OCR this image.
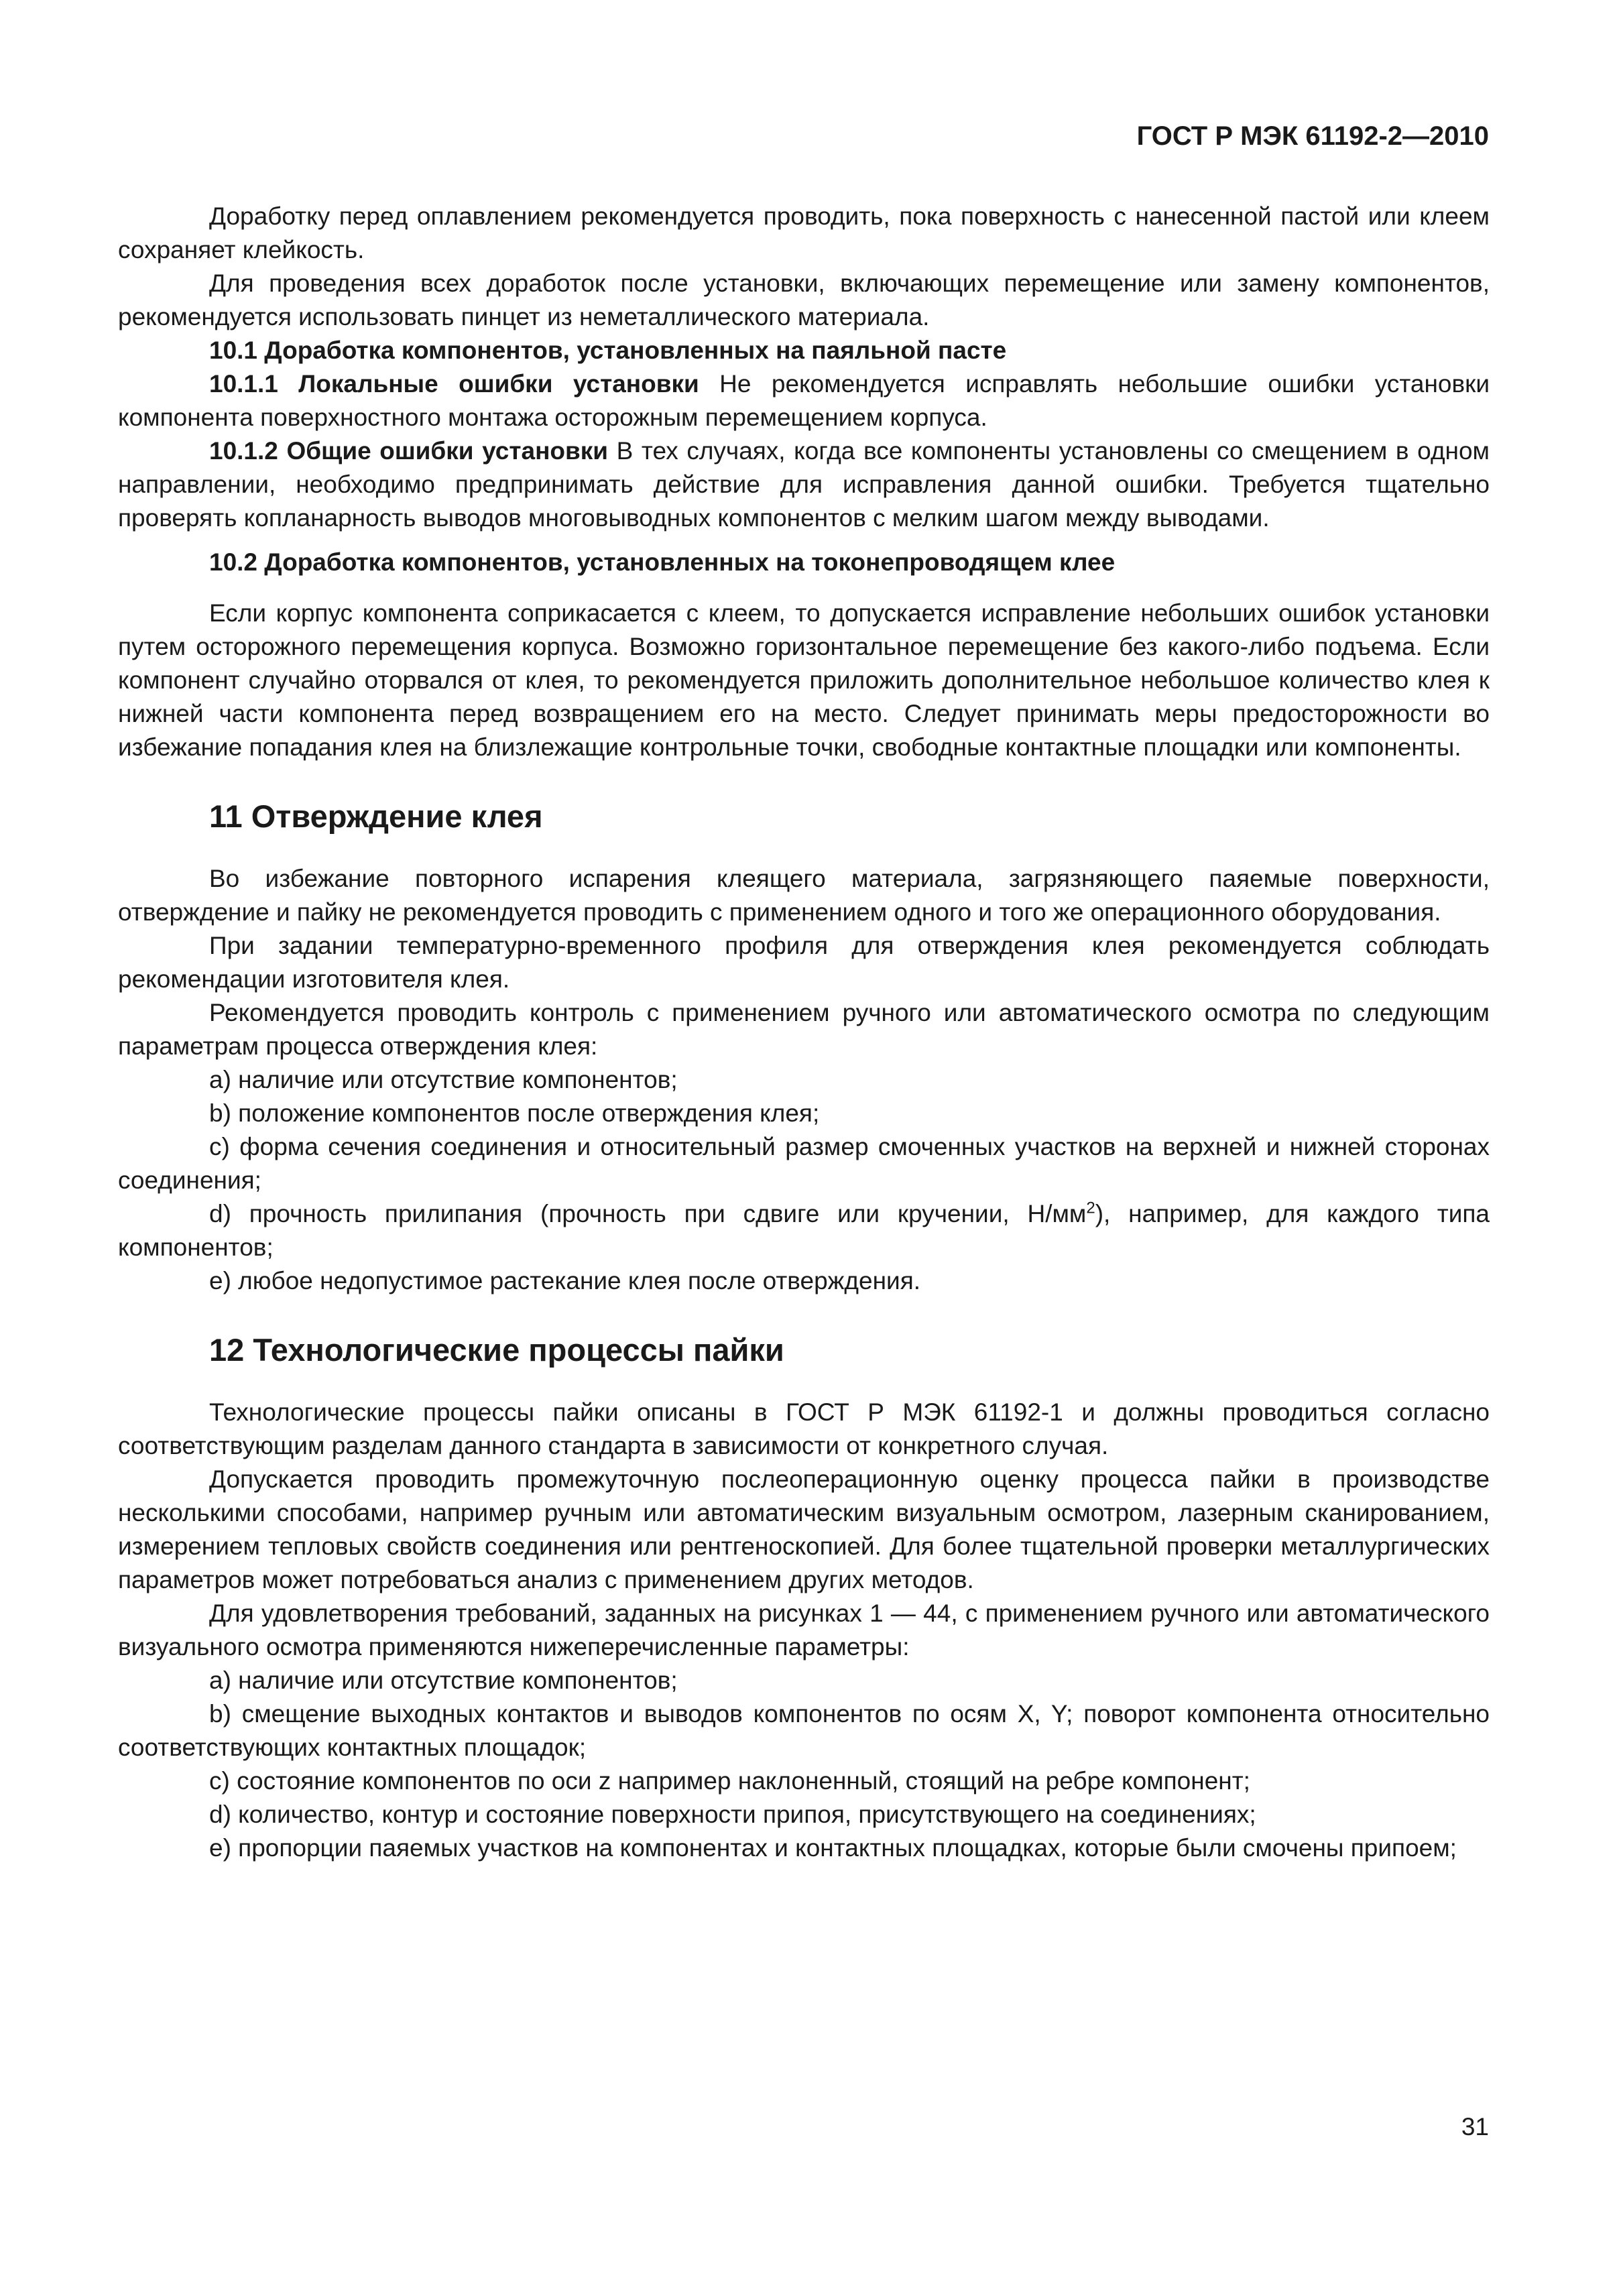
ГОСТ Р МЭК 61192-2—2010

Доработку перед оплавлением рекомендуется проводить, пока поверхность с нанесенной пастой или клеем сохраняет клейкость.

Для проведения всех доработок после установки, включающих перемещение или замену компонентов, рекомендуется использовать пинцет из неметаллического материала.

10.1 Доработка компонентов, установленных на паяльной пасте

10.1.1 Локальные ошибки установки Не рекомендуется исправлять небольшие ошибки установки компонента поверхностного монтажа осторожным перемещением корпуса.

10.1.2 Общие ошибки установки В тех случаях, когда все компоненты установлены со смещением в одном направлении, необходимо предпринимать действие для исправления данной ошибки. Требуется тщательно проверять копланарность выводов многовыводных компонентов с мелким шагом между выводами.

10.2 Доработка компонентов, установленных на токонепроводящем клее

Если корпус компонента соприкасается с клеем, то допускается исправление небольших ошибок установки путем осторожного перемещения корпуса. Возможно горизонтальное перемещение без какого-либо подъема. Если компонент случайно оторвался от клея, то рекомендуется приложить дополнительное небольшое количество клея к нижней части компонента перед возвращением его на место. Следует принимать меры предосторожности во избежание попадания клея на близлежащие контрольные точки, свободные контактные площадки или компоненты.

11 Отверждение клея

Во избежание повторного испарения клеящего материала, загрязняющего паяемые поверхности, отверждение и пайку не рекомендуется проводить с применением одного и того же операционного оборудования.

При задании температурно-временного профиля для отверждения клея рекомендуется соблюдать рекомендации изготовителя клея.

Рекомендуется проводить контроль с применением ручного или автоматического осмотра по следующим параметрам процесса отверждения клея:

a) наличие или отсутствие компонентов;

b) положение компонентов после отверждения клея;

c) форма сечения соединения и относительный размер смоченных участков на верхней и нижней сторонах соединения;

d) прочность прилипания (прочность при сдвиге или кручении, $Н/мм^2$), например, для каждого типа компонентов;

e) любое недопустимое растекание клея после отверждения.

12 Технологические процессы пайки

Технологические процессы пайки описаны в ГОСТ Р МЭК 61192-1 и должны проводиться согласно соответствующим разделам данного стандарта в зависимости от конкретного случая.

Допускается проводить промежуточную послеоперационную оценку процесса пайки в производстве несколькими способами, например ручным или автоматическим визуальным осмотром, лазерным сканированием, измерением тепловых свойств соединения или рентгеноскопией. Для более тщательной проверки металлургических параметров может потребоваться анализ с применением других методов.

Для удовлетворения требований, заданных на рисунках 1 — 44, с применением ручного или автоматического визуального осмотра применяются нижеперечисленные параметры:

a) наличие или отсутствие компонентов;

b) смещение выходных контактов и выводов компонентов по осям X, Y; поворот компонента относительно соответствующих контактных площадок;

c) состояние компонентов по оси z например наклоненный, стоящий на ребре компонент;

d) количество, контур и состояние поверхности припоя, присутствующего на соединениях;

e) пропорции паяемых участков на компонентах и контактных площадках, которые были смочены припоем;

31
